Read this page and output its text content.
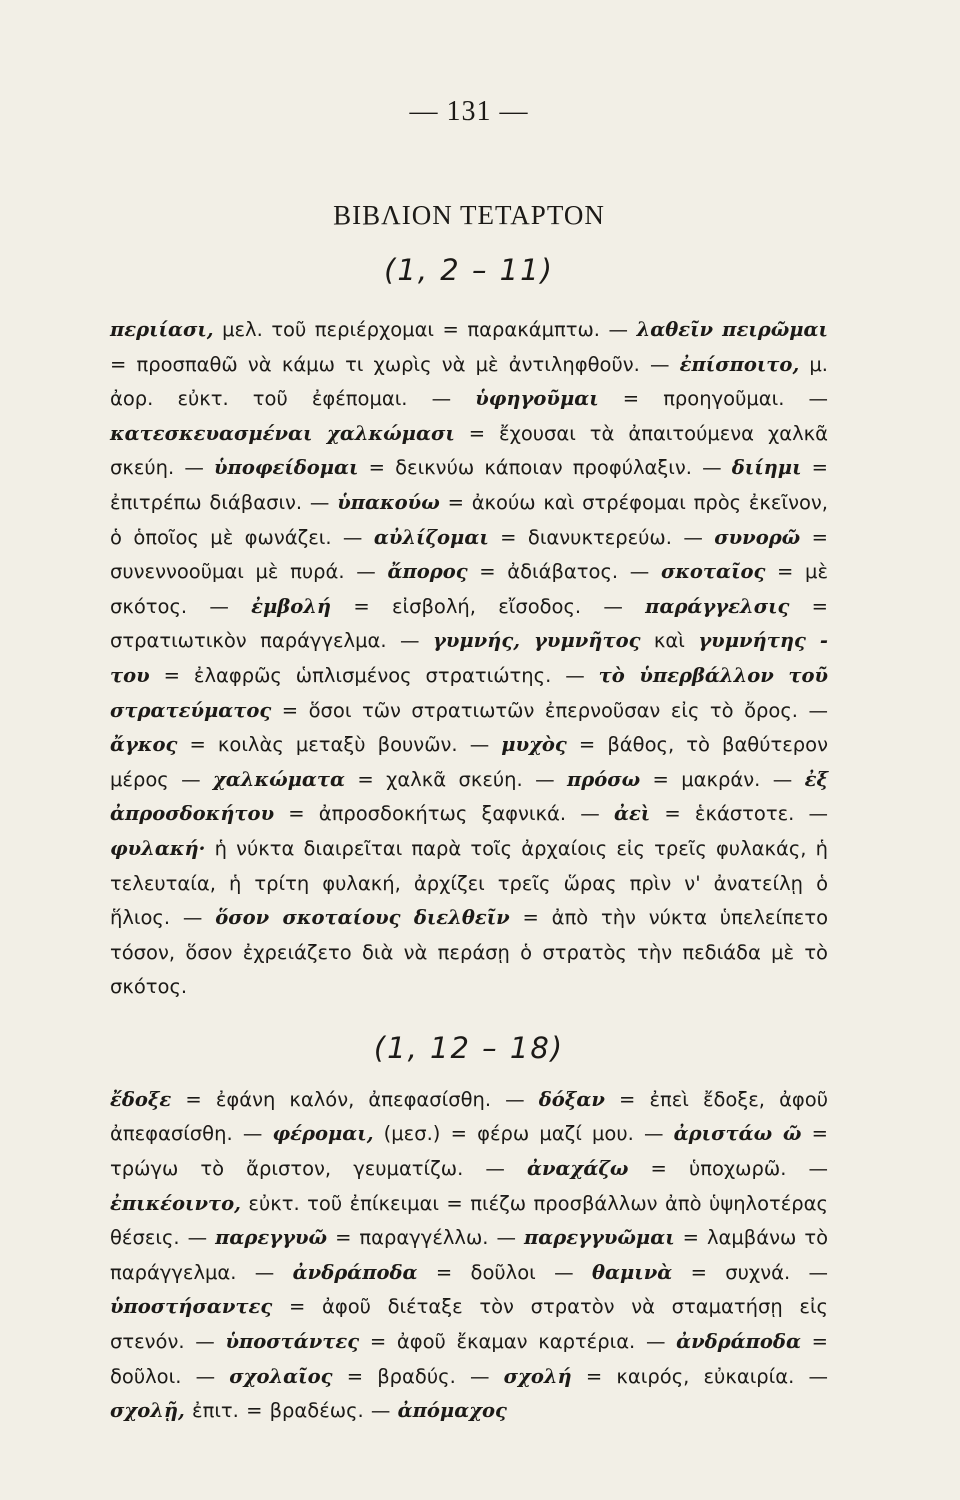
— 131 —
ΒΙΒΛΙΟΝ ΤΕΤΑΡΤΟΝ
(1, 2 – 11)

περιίασι, μελ. τοῦ περιέρχομαι = παρακάμπτω. — λαθεῖν πειρῶμαι = προσπαθῶ νὰ κάμω τι χωρὶς νὰ μὲ ἀντιληφθοῦν. — ἐπίσποιτο, μ. ἀορ. εὐκτ. τοῦ ἐφέπομαι. — ὑφηγοῦμαι = προηγοῦμαι. — κατεσκευασμέναι χαλκώμασι = ἔχουσαι τὰ ἀπαιτούμενα χαλκᾶ σκεύη. — ὑποφείδομαι = δεικνύω κάποιαν προφύλαξιν. — διίημι = ἐπιτρέπω διάβασιν. — ὑπακούω = ἀκούω καὶ στρέφομαι πρὸς ἐκεῖνον, ὁ ὁποῖος μὲ φωνάζει. — αὐλίζομαι = διανυκτερεύω. — συνορῶ = συνεννοοῦμαι μὲ πυρά. — ἄπορος = ἀδιάβατος. — σκοταῖος = μὲ σκότος. — ἐμβολή = εἰσβολή, εἴσοδος. — παράγγελσις = στρατιωτικὸν παράγγελμα. — γυμνής, γυμνῆτος καὶ γυμνήτης - του = ἐλαφρῶς ὡπλισμένος στρατιώτης. — τὸ ὑπερβάλλον τοῦ στρατεύματος = ὅσοι τῶν στρατιωτῶν ἐπερνοῦσαν εἰς τὸ ὄρος. — ἄγκος = κοιλὰς μεταξὺ βουνῶν. — μυχὸς = βάθος, τὸ βαθύτερον μέρος — χαλκώματα = χαλκᾶ σκεύη. — πρόσω = μακράν. — ἐξ ἀπροσδοκήτου = ἀπροσδοκήτως ξαφνικά. — ἀεὶ = ἑκάστοτε. — φυλακή· ἡ νύκτα διαιρεῖται παρὰ τοῖς ἀρχαίοις εἰς τρεῖς φυλακάς, ἡ τελευταία, ἡ τρίτη φυλακή, ἀρχίζει τρεῖς ὥρας πρὶν ν' ἀνατείλῃ ὁ ἥλιος. — ὅσον σκοταίους διελθεῖν = ἀπὸ τὴν νύκτα ὑπελείπετο τόσον, ὅσον ἐχρειάζετο διὰ νὰ περάσῃ ὁ στρατὸς τὴν πεδιάδα μὲ τὸ σκότος.

(1, 12 – 18)

ἔδοξε = ἐφάνη καλόν, ἀπεφασίσθη. — δόξαν = ἐπεὶ ἔδοξε, ἀφοῦ ἀπεφασίσθη. — φέρομαι, (μεσ.) = φέρω μαζί μου. — ἀριστάω ῶ = τρώγω τὸ ἄριστον, γευματίζω. — ἀναχάζω = ὑποχωρῶ. — ἐπικέοιντο, εὐκτ. τοῦ ἐπίκειμαι = πιέζω προσβάλλων ἀπὸ ὑψηλοτέρας θέσεις. — παρεγγυῶ = παραγγέλλω. — παρεγγυῶμαι = λαμβάνω τὸ παράγγελμα. — ἀνδράποδα = δοῦλοι — θαμινὰ = συχνά. — ὑποστήσαντες = ἀφοῦ διέταξε τὸν στρατὸν νὰ σταματήσῃ εἰς στενόν. — ὑποστάντες = ἀφοῦ ἔκαμαν καρτέρια. — ἀνδράποδα = δοῦλοι. — σχολαῖος = βραδύς. — σχολή = καιρός, εὐκαιρία. — σχολῇ, ἐπιτ. = βραδέως. — ἀπόμαχος
